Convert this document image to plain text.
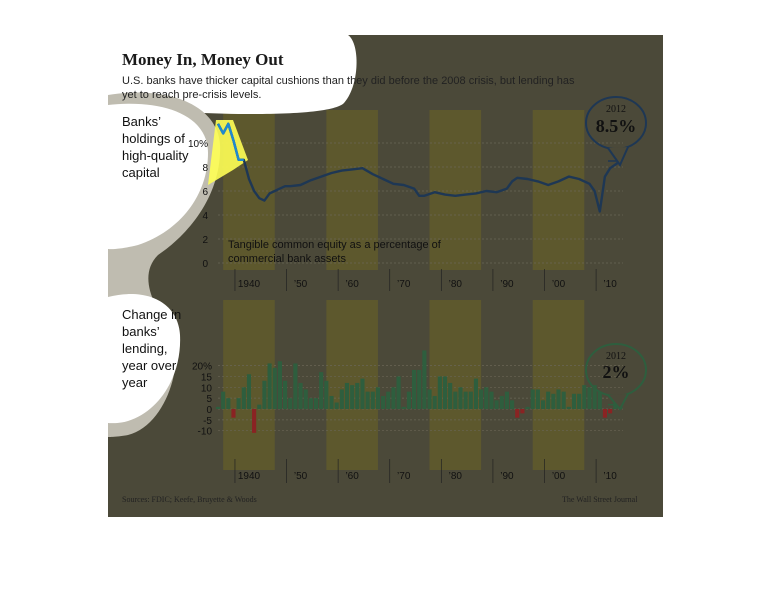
0
2
4
6
8
10%
-10
-5
0
5
10
15
20%
1940	’50	’60	’70	’80	’90	’00	’10
1940	’50	’60	’70	’80	’90	’00	’10
Money In, Money Out

U.S. banks have thicker capital cushions than they did before the 2008 crisis, but lending has yet to reach pre-crisis levels.

Banks’ holdings of high-quality capital
Change in banks’ lending, year over year
Tangible common equity as a percentage of commercial bank assets
2012
8.5%
2012
2%
Sources: FDIC; Keefe, Bruyette & Woods	The Wall Street Journal
